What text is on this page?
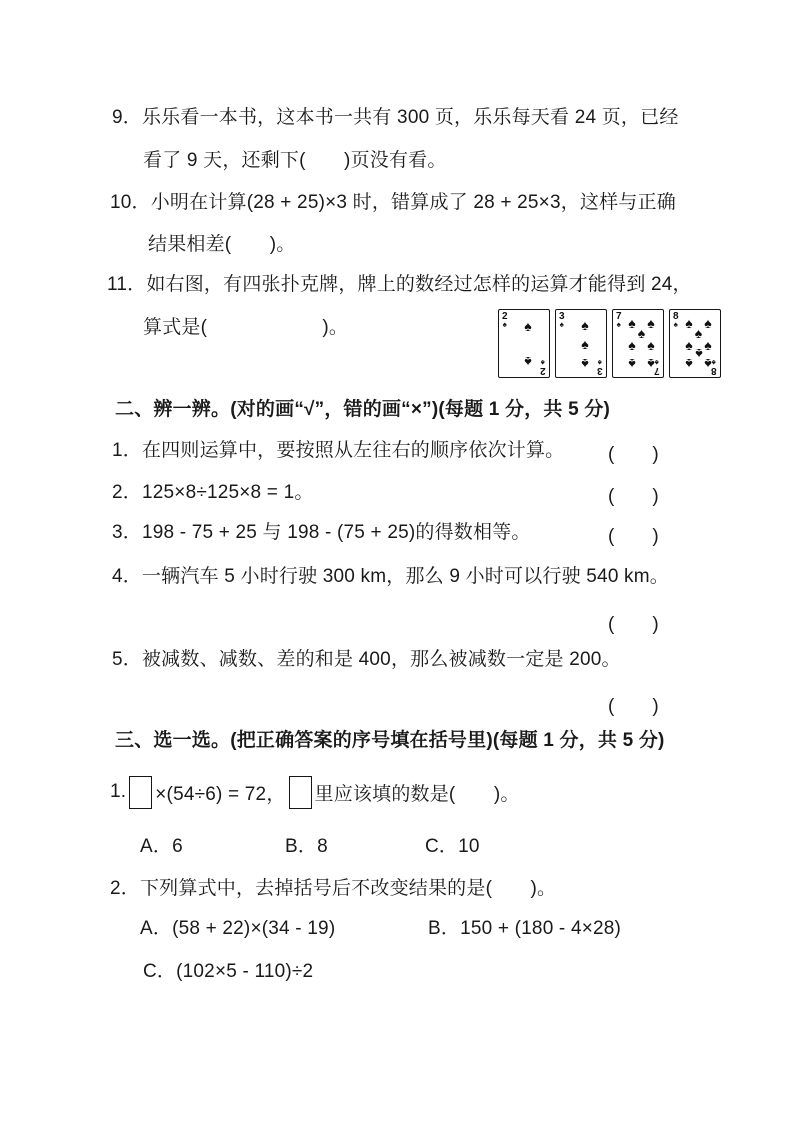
9．乐乐看一本书，这本书一共有 300 页，乐乐每天看 24 页，已经
看了 9 天，还剩下(　　)页没有看。
10．小明在计算(28 + 25)×3 时，错算成了 28 + 25×3，这样与正确
结果相差(　　)。
11．如右图，有四张扑克牌，牌上的数经过怎样的运算才能得到 24，
算式是(　　　　　　)。
2
♠ ♠
♠
2
♠
3
♠ ♠
♠
♠ 3
♠
7
♠ ♠ ♠
♠
♠ ♠
♠ ♠ 7
♠
8
♠ ♠ ♠
♠
♠ ♠
♠
♠ ♠ 8
♠
二、辨一辨。(对的画“√”，错的画“×”)(每题 1 分，共 5 分)
1．在四则运算中，要按照从左往右的顺序依次计算。 (　　)
2．125×8÷125×8 = 1。	(　　)
3．198 - 75 + 25 与 198 - (75 + 25)的得数相等。	(　　)
4．一辆汽车 5 小时行驶 300 km，那么 9 小时可以行驶 540 km。
(　　)
5．被减数、减数、差的和是 400，那么被减数一定是 200。
(　　)
三、选一选。(把正确答案的序号填在括号里)(每题 1 分，共 5 分)
1. ×(54÷6) = 72， 里应该填的数是(　　)。
A．6	B．8	C．10
2．下列算式中，去掉括号后不改变结果的是(　　)。
A．(58 + 22)×(34 - 19)	B．150 + (180 - 4×28)
C．(102×5 - 110)÷2
